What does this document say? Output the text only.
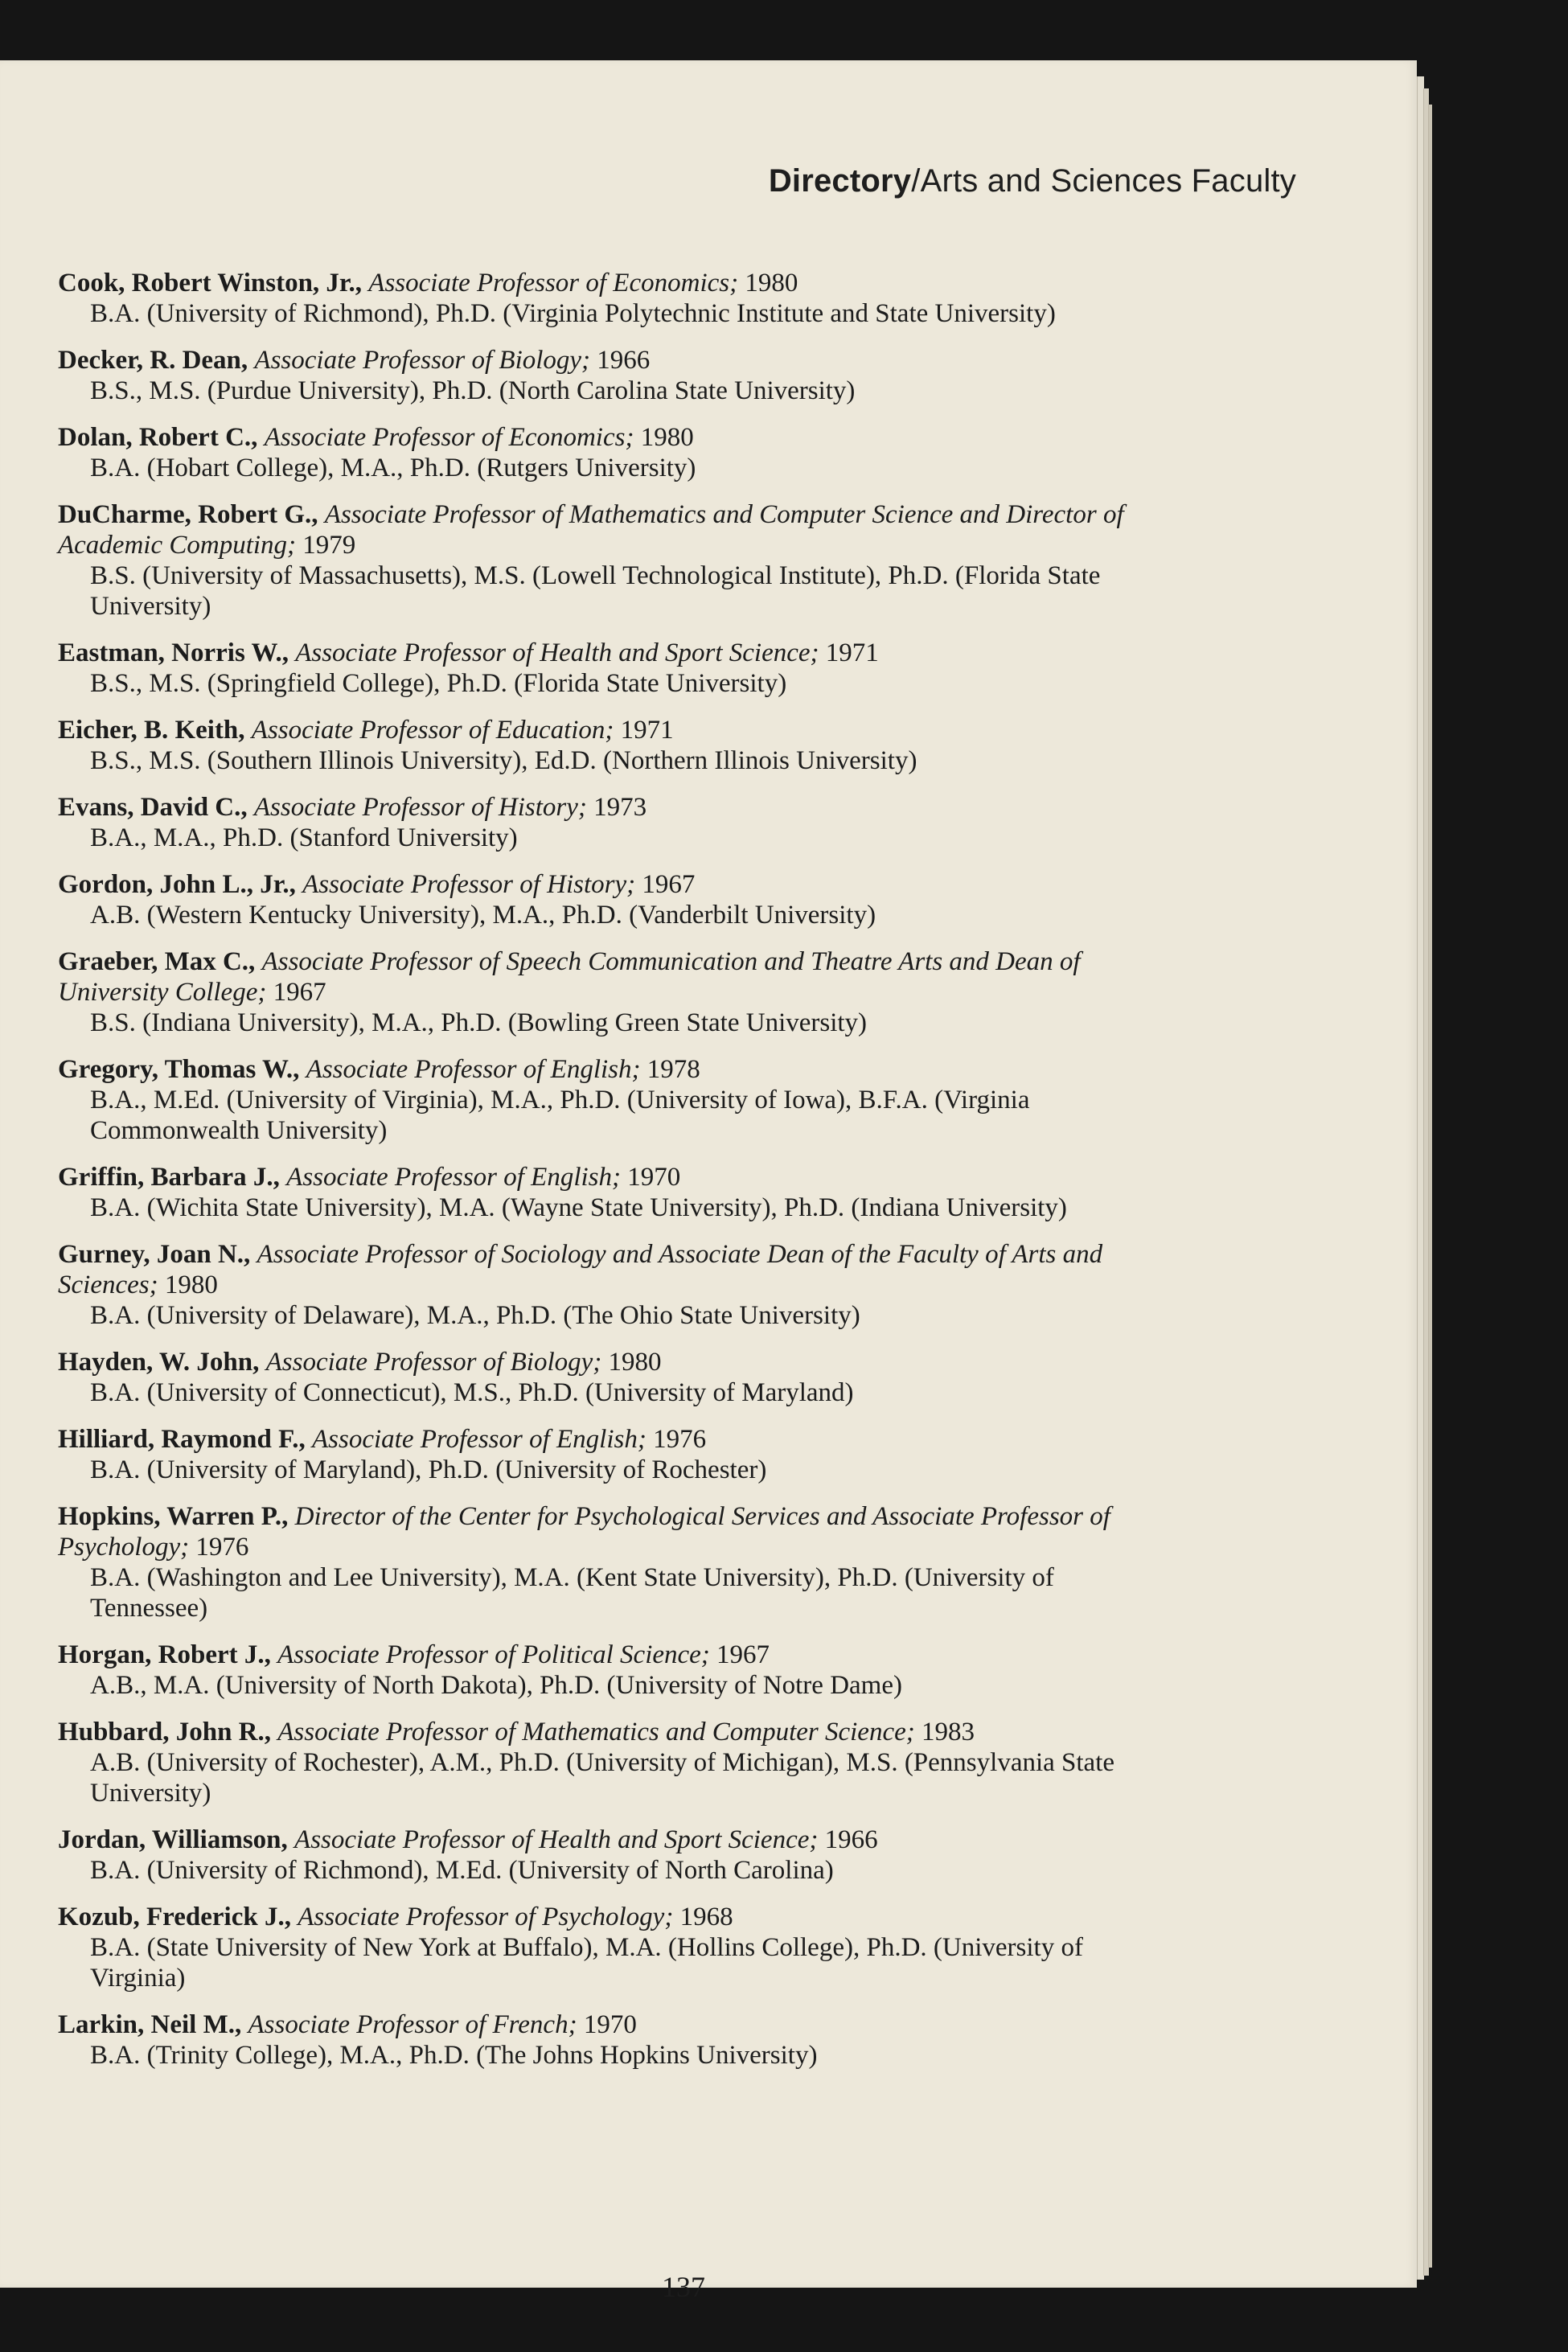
Directory/Arts and Sciences Faculty
Cook, Robert Winston, Jr., Associate Professor of Economics; 1980
B.A. (University of Richmond), Ph.D. (Virginia Polytechnic Institute and State University)
Decker, R. Dean, Associate Professor of Biology; 1966
B.S., M.S. (Purdue University), Ph.D. (North Carolina State University)
Dolan, Robert C., Associate Professor of Economics; 1980
B.A. (Hobart College), M.A., Ph.D. (Rutgers University)
DuCharme, Robert G., Associate Professor of Mathematics and Computer Science and Director of Academic Computing; 1979
B.S. (University of Massachusetts), M.S. (Lowell Technological Institute), Ph.D. (Florida State University)
Eastman, Norris W., Associate Professor of Health and Sport Science; 1971
B.S., M.S. (Springfield College), Ph.D. (Florida State University)
Eicher, B. Keith, Associate Professor of Education; 1971
B.S., M.S. (Southern Illinois University), Ed.D. (Northern Illinois University)
Evans, David C., Associate Professor of History; 1973
B.A., M.A., Ph.D. (Stanford University)
Gordon, John L., Jr., Associate Professor of History; 1967
A.B. (Western Kentucky University), M.A., Ph.D. (Vanderbilt University)
Graeber, Max C., Associate Professor of Speech Communication and Theatre Arts and Dean of University College; 1967
B.S. (Indiana University), M.A., Ph.D. (Bowling Green State University)
Gregory, Thomas W., Associate Professor of English; 1978
B.A., M.Ed. (University of Virginia), M.A., Ph.D. (University of Iowa), B.F.A. (Virginia Commonwealth University)
Griffin, Barbara J., Associate Professor of English; 1970
B.A. (Wichita State University), M.A. (Wayne State University), Ph.D. (Indiana University)
Gurney, Joan N., Associate Professor of Sociology and Associate Dean of the Faculty of Arts and Sciences; 1980
B.A. (University of Delaware), M.A., Ph.D. (The Ohio State University)
Hayden, W. John, Associate Professor of Biology; 1980
B.A. (University of Connecticut), M.S., Ph.D. (University of Maryland)
Hilliard, Raymond F., Associate Professor of English; 1976
B.A. (University of Maryland), Ph.D. (University of Rochester)
Hopkins, Warren P., Director of the Center for Psychological Services and Associate Professor of Psychology; 1976
B.A. (Washington and Lee University), M.A. (Kent State University), Ph.D. (University of Tennessee)
Horgan, Robert J., Associate Professor of Political Science; 1967
A.B., M.A. (University of North Dakota), Ph.D. (University of Notre Dame)
Hubbard, John R., Associate Professor of Mathematics and Computer Science; 1983
A.B. (University of Rochester), A.M., Ph.D. (University of Michigan), M.S. (Pennsylvania State University)
Jordan, Williamson, Associate Professor of Health and Sport Science; 1966
B.A. (University of Richmond), M.Ed. (University of North Carolina)
Kozub, Frederick J., Associate Professor of Psychology; 1968
B.A. (State University of New York at Buffalo), M.A. (Hollins College), Ph.D. (University of Virginia)
Larkin, Neil M., Associate Professor of French; 1970
B.A. (Trinity College), M.A., Ph.D. (The Johns Hopkins University)
137
